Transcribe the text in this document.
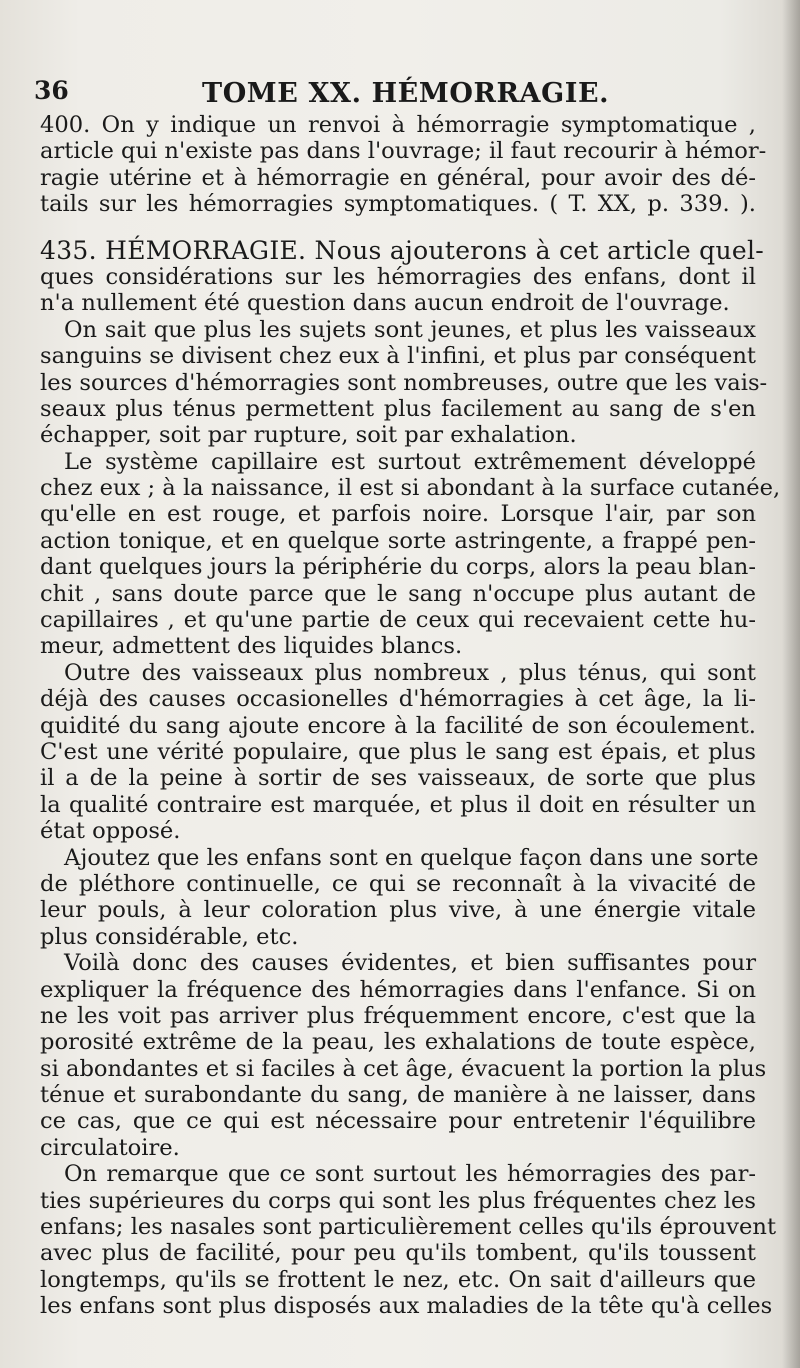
36	TOME XX. HÉMORRAGIE.
400. On y indique un renvoi à hémorragie symptomatique ,
article qui n'existe pas dans l'ouvrage; il faut recourir à hémor-
ragie utérine et à hémorragie en général, pour avoir des dé-
tails sur les hémorragies symptomatiques. ( T. XX, p. 339. ).
435. HÉMORRAGIE. Nous ajouterons à cet article quel-
ques considérations sur les hémorragies des enfans, dont il
n'a nullement été question dans aucun endroit de l'ouvrage.
On sait que plus les sujets sont jeunes, et plus les vaisseaux
sanguins se divisent chez eux à l'infini, et plus par conséquent
les sources d'hémorragies sont nombreuses, outre que les vais-
seaux plus ténus permettent plus facilement au sang de s'en
échapper, soit par rupture, soit par exhalation.
Le système capillaire est surtout extrêmement développé
chez eux ; à la naissance, il est si abondant à la surface cutanée,
qu'elle en est rouge, et parfois noire. Lorsque l'air, par son
action tonique, et en quelque sorte astringente, a frappé pen-
dant quelques jours la périphérie du corps, alors la peau blan-
chit , sans doute parce que le sang n'occupe plus autant de
capillaires , et qu'une partie de ceux qui recevaient cette hu-
meur, admettent des liquides blancs.
Outre des vaisseaux plus nombreux , plus ténus, qui sont
déjà des causes occasionelles d'hémorragies à cet âge, la li-
quidité du sang ajoute encore à la facilité de son écoulement.
C'est une vérité populaire, que plus le sang est épais, et plus
il a de la peine à sortir de ses vaisseaux, de sorte que plus
la qualité contraire est marquée, et plus il doit en résulter un
état opposé.
Ajoutez que les enfans sont en quelque façon dans une sorte
de pléthore continuelle, ce qui se reconnaît à la vivacité de
leur pouls, à leur coloration plus vive, à une énergie vitale
plus considérable, etc.
Voilà donc des causes évidentes, et bien suffisantes pour
expliquer la fréquence des hémorragies dans l'enfance. Si on
ne les voit pas arriver plus fréquemment encore, c'est que la
porosité extrême de la peau, les exhalations de toute espèce,
si abondantes et si faciles à cet âge, évacuent la portion la plus
ténue et surabondante du sang, de manière à ne laisser, dans
ce cas, que ce qui est nécessaire pour entretenir l'équilibre
circulatoire.
On remarque que ce sont surtout les hémorragies des par-
ties supérieures du corps qui sont les plus fréquentes chez les
enfans; les nasales sont particulièrement celles qu'ils éprouvent
avec plus de facilité, pour peu qu'ils tombent, qu'ils toussent
longtemps, qu'ils se frottent le nez, etc. On sait d'ailleurs que
les enfans sont plus disposés aux maladies de la tête qu'à celles
